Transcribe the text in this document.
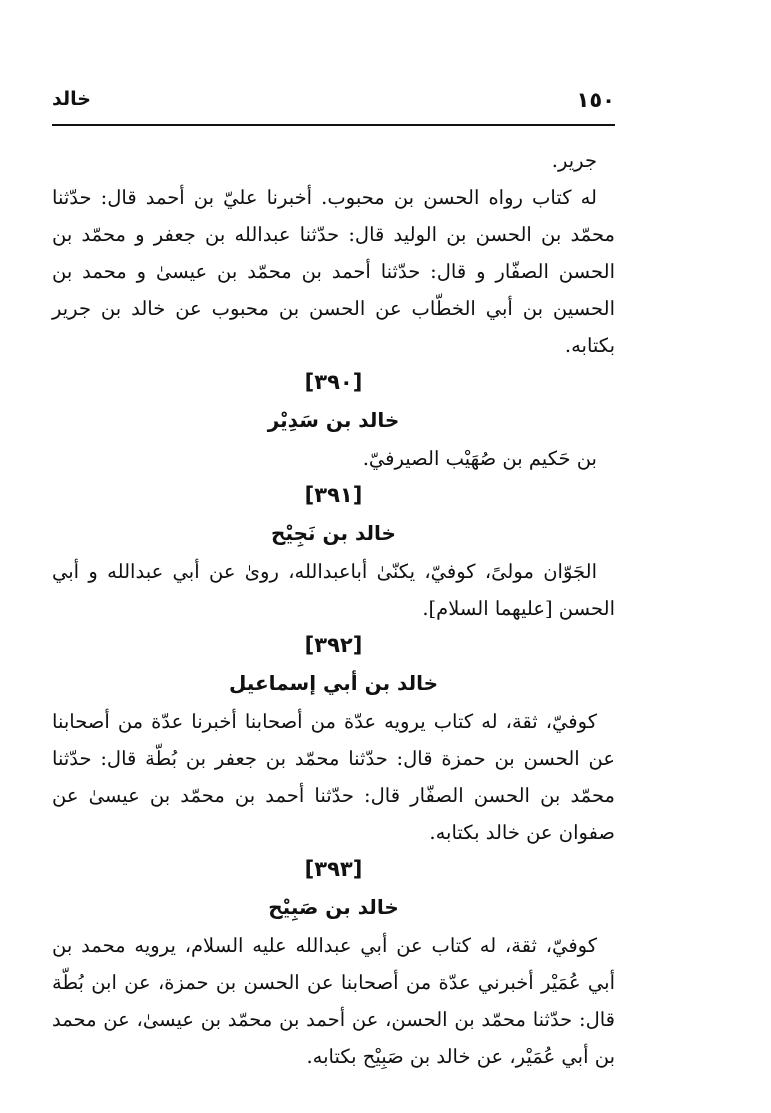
١٥٠
خالد

جرير.

له كتاب رواه الحسن بن محبوب. أخبرنا عليّ بن أحمد قال: حدّثنا محمّد بن الحسن بن الوليد قال: حدّثنا عبدالله بن جعفر و محمّد بن الحسن الصفّار و قال: حدّثنا أحمد بن محمّد بن عيسىٰ و محمد بن الحسين بن أبي الخطّاب عن الحسن بن محبوب عن خالد بن جرير بكتابه.

[٣٩٠]

خالد بن سَدِيْر

بن حَكيم بن صُهَيْب الصيرفيّ.

[٣٩١]

خالد بن نَجِيْح

الجَوّان مولىً، كوفيّ، يكنّىٰ أباعبدالله، روىٰ عن أبي عبدالله و أبي الحسن [عليهما السلام].

[٣٩٢]

خالد بن أبي إسماعيل

كوفيّ، ثقة، له كتاب يرويه عدّة من أصحابنا أخبرنا عدّة من أصحابنا عن الحسن بن حمزة قال: حدّثنا محمّد بن جعفر بن بُطّة قال: حدّثنا محمّد بن الحسن الصفّار قال: حدّثنا أحمد بن محمّد بن عيسىٰ عن صفوان عن خالد بكتابه.

[٣٩٣]

خالد بن صَبِيْح

كوفيّ، ثقة، له كتاب عن أبي عبدالله عليه السلام، يرويه محمد بن أبي عُمَيْر أخبرني عدّة من أصحابنا عن الحسن بن حمزة، عن ابن بُطّة قال: حدّثنا محمّد بن الحسن، عن أحمد بن محمّد بن عيسىٰ، عن محمد بن أبي عُمَيْر، عن خالد بن صَبِيْح بكتابه.
